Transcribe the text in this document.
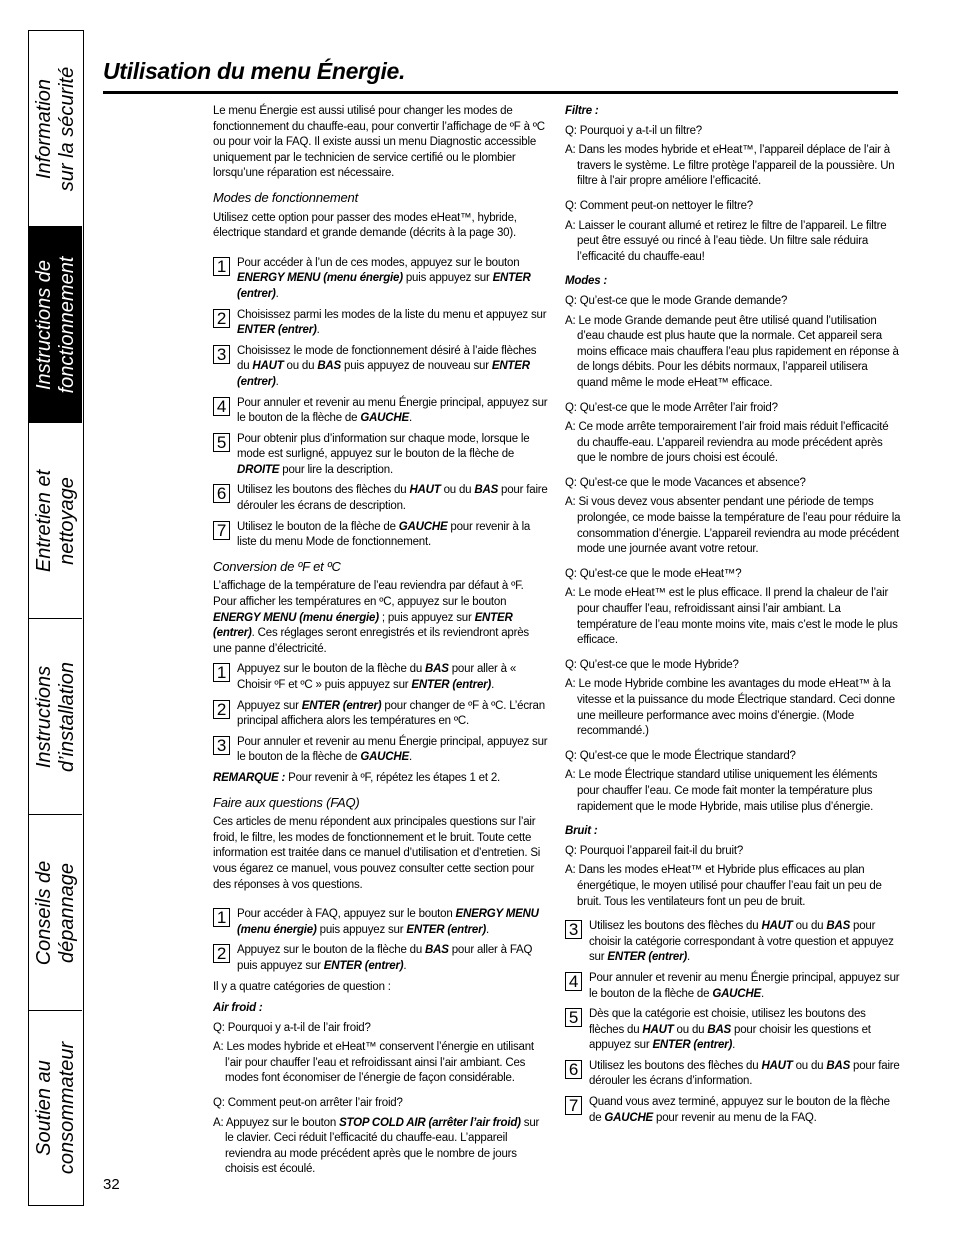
Information sur la sécurité
Instructions de fonctionnement
Entretien et nettoyage
Instructions d’installation
Conseils de dépannage
Soutien au consommateur
Utilisation du menu Énergie.
32

Le menu Énergie est aussi utilisé pour changer les modes de fonctionnement du chauffe-eau, pour convertir l’affichage de ºF à ºC ou pour voir la FAQ. Il existe aussi un menu Diagnostic accessible uniquement par le technicien de service certifié ou le plombier lorsqu’une réparation est nécessaire.

Modes de fonctionnement

Utilisez cette option pour passer des modes eHeat™, hybride, électrique standard et grande demande (décrits à la page 30).

1 Pour accéder à l’un de ces modes, appuyez sur le bouton ENERGY MENU (menu énergie) puis appuyez sur ENTER (entrer).

2 Choisissez parmi les modes de la liste du menu et appuyez sur ENTER (entrer).

3 Choisissez le mode de fonctionnement désiré à l’aide flèches du HAUT ou du BAS puis appuyez de nouveau sur ENTER (entrer).

4 Pour annuler et revenir au menu Énergie principal, appuyez sur le bouton de la flèche de GAUCHE.

5 Pour obtenir plus d’information sur chaque mode, lorsque le mode est surligné, appuyez sur le bouton de la flèche de DROITE pour lire la description.

6 Utilisez les boutons des flèches du HAUT ou du BAS pour faire dérouler les écrans de description.

7 Utilisez le bouton de la flèche de GAUCHE pour revenir à la liste du menu Mode de fonctionnement.

Conversion de ºF et ºC

L’affichage de la température de l’eau reviendra par défaut à ºF. Pour afficher les températures en ºC, appuyez sur le bouton ENERGY MENU (menu énergie) ; puis appuyez sur ENTER (entrer). Ces réglages seront enregistrés et ils reviendront après une panne d’électricité.

1 Appuyez sur le bouton de la flèche du BAS pour aller à « Choisir ºF et ºC » puis appuyez sur ENTER (entrer).

2 Appuyez sur ENTER (entrer) pour changer de ºF à ºC. L’écran principal affichera alors les températures en ºC.

3 Pour annuler et revenir au menu Énergie principal, appuyez sur le bouton de la flèche de GAUCHE.

REMARQUE : Pour revenir à ºF, répétez les étapes 1 et 2.

Faire aux questions (FAQ)

Ces articles de menu répondent aux principales questions sur l’air froid, le filtre, les modes de fonctionnement et le bruit. Toute cette information est traitée dans ce manuel d’utilisation et d’entretien. Si vous égarez ce manuel, vous pouvez consulter cette section pour des réponses à vos questions.

1 Pour accéder à FAQ, appuyez sur le bouton ENERGY MENU (menu énergie) puis appuyez sur ENTER (entrer).

2 Appuyez sur le bouton de la flèche du BAS pour aller à FAQ puis appuyez sur ENTER (entrer).

Il y a quatre catégories de question :

Air froid :

Q: Pourquoi y a-t-il de l’air froid?

A: Les modes hybride et eHeat™ conservent l’énergie en utilisant l’air pour chauffer l’eau et refroidissant ainsi l’air ambiant. Ces modes font économiser de l’énergie de façon considérable.

Q: Comment peut-on arrêter l’air froid?

A: Appuyez sur le bouton STOP COLD AIR (arrêter l’air froid) sur le clavier. Ceci réduit l’efficacité du chauffe-eau. L’appareil reviendra au mode précédent après que le nombre de jours choisis est écoulé.

Filtre :

Q: Pourquoi y a-t-il un filtre?

A: Dans les modes hybride et eHeat™, l’appareil déplace de l’air à travers le système. Le filtre protège l’appareil de la poussière. Un filtre à l’air propre améliore l’efficacité.

Q: Comment peut-on nettoyer le filtre?

A: Laisser le courant allumé et retirez le filtre de l’appareil. Le filtre peut être essuyé ou rincé à l’eau tiède. Un filtre sale réduira l’efficacité du chauffe-eau!

Modes :

Q: Qu’est-ce que le mode Grande demande?

A: Le mode Grande demande peut être utilisé quand l’utilisation d’eau chaude est plus haute que la normale. Cet appareil sera moins efficace mais chauffera l’eau plus rapidement en réponse à de longs débits. Pour les débits normaux, l’appareil utilisera quand même le mode eHeat™ efficace.

Q: Qu’est-ce que le mode Arrêter l’air froid?

A: Ce mode arrête temporairement l’air froid mais réduit l’efficacité du chauffe-eau. L’appareil reviendra au mode précédent après que le nombre de jours choisi est écoulé.

Q: Qu’est-ce que le mode Vacances et absence?

A: Si vous devez vous absenter pendant une période de temps prolongée, ce mode baisse la température de l’eau pour réduire la consommation d’énergie. L’appareil reviendra au mode précédent mode une journée avant votre retour.

Q: Qu’est-ce que le mode eHeat™?

A: Le mode eHeat™ est le plus efficace. Il prend la chaleur de l’air pour chauffer l’eau, refroidissant ainsi l’air ambiant. La température de l’eau monte moins vite, mais c’est le mode le plus efficace.

Q: Qu’est-ce que le mode Hybride?

A: Le mode Hybride combine les avantages du mode eHeat™ à la vitesse et la puissance du mode Électrique standard. Ceci donne une meilleure performance avec moins d’énergie. (Mode recommandé.)

Q: Qu’est-ce que le mode Électrique standard?

A: Le mode Électrique standard utilise uniquement les éléments pour chauffer l’eau. Ce mode fait monter la température plus rapidement que le mode Hybride, mais utilise plus d’énergie.

Bruit :

Q: Pourquoi l’appareil fait-il du bruit?

A: Dans les modes eHeat™ et Hybride plus efficaces au plan énergétique, le moyen utilisé pour chauffer l’eau fait un peu de bruit. Tous les ventilateurs font un peu de bruit.

3 Utilisez les boutons des flèches du HAUT ou du BAS pour choisir la catégorie correspondant à votre question et appuyez sur ENTER (entrer).

4 Pour annuler et revenir au menu Énergie principal, appuyez sur le bouton de la flèche de GAUCHE.

5 Dès que la catégorie est choisie, utilisez les boutons des flèches du HAUT ou du BAS pour choisir les questions et appuyez sur ENTER (entrer).

6 Utilisez les boutons des flèches du HAUT ou du BAS pour faire dérouler les écrans d’information.

7 Quand vous avez terminé, appuyez sur le bouton de la flèche de GAUCHE pour revenir au menu de la FAQ.
